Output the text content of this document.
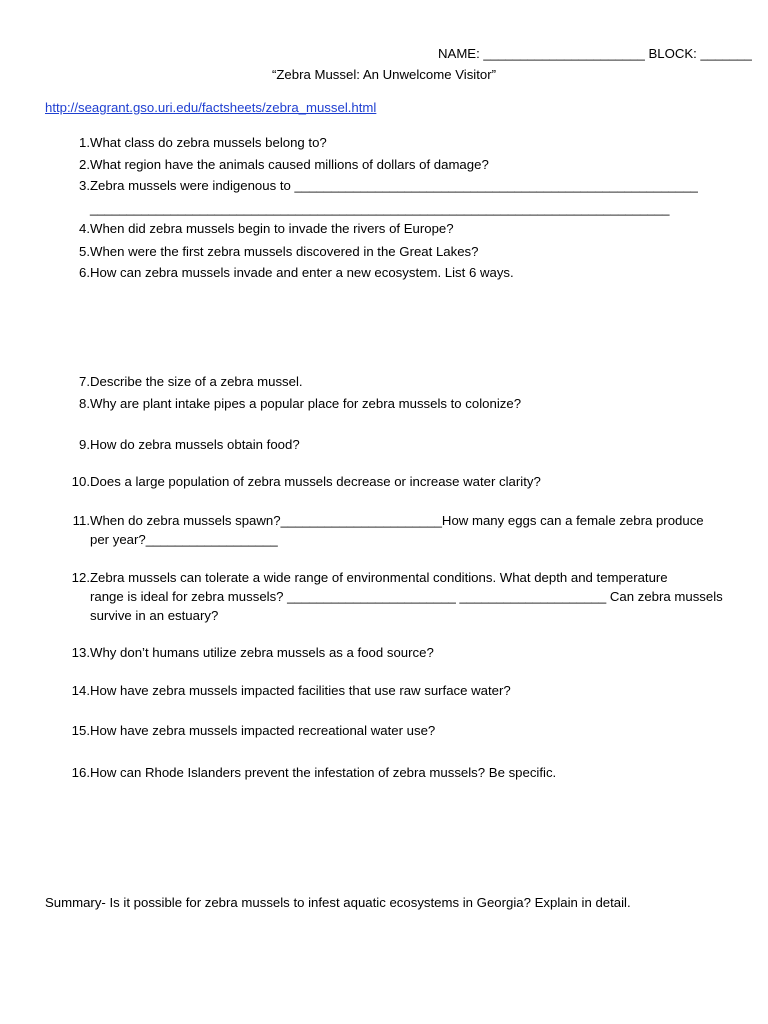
NAME: ______________________ BLOCK: _______
“Zebra Mussel: An Unwelcome Visitor”
http://seagrant.gso.uri.edu/factsheets/zebra_mussel.html
1. What class do zebra mussels belong to?
2. What region have the animals caused millions of dollars of damage?
3. Zebra mussels were indigenous to _______________________________________________________
_______________________________________________________________________________
4. When did zebra mussels begin to invade the rivers of Europe?
5. When were the first zebra mussels discovered in the Great Lakes?
6. How can zebra mussels invade and enter a new ecosystem. List 6 ways.
7. Describe the size of a zebra mussel.
8. Why are plant intake pipes a popular place for zebra mussels to colonize?
9. How do zebra mussels obtain food?
10. Does a large population of zebra mussels decrease or increase water clarity?
11. When do zebra mussels spawn?______________________How many eggs can a female zebra produce
per year?__________________
12. Zebra mussels can tolerate a wide range of environmental conditions. What depth and temperature
range is ideal for zebra mussels? _______________________ ____________________ Can zebra mussels
survive in an estuary?
13. Why don’t humans utilize zebra mussels as a food source?
14. How have zebra mussels impacted facilities that use raw surface water?
15. How have zebra mussels impacted recreational water use?
16. How can Rhode Islanders prevent the infestation of zebra mussels? Be specific.
Summary- Is it possible for zebra mussels to infest aquatic ecosystems in Georgia? Explain in detail.
